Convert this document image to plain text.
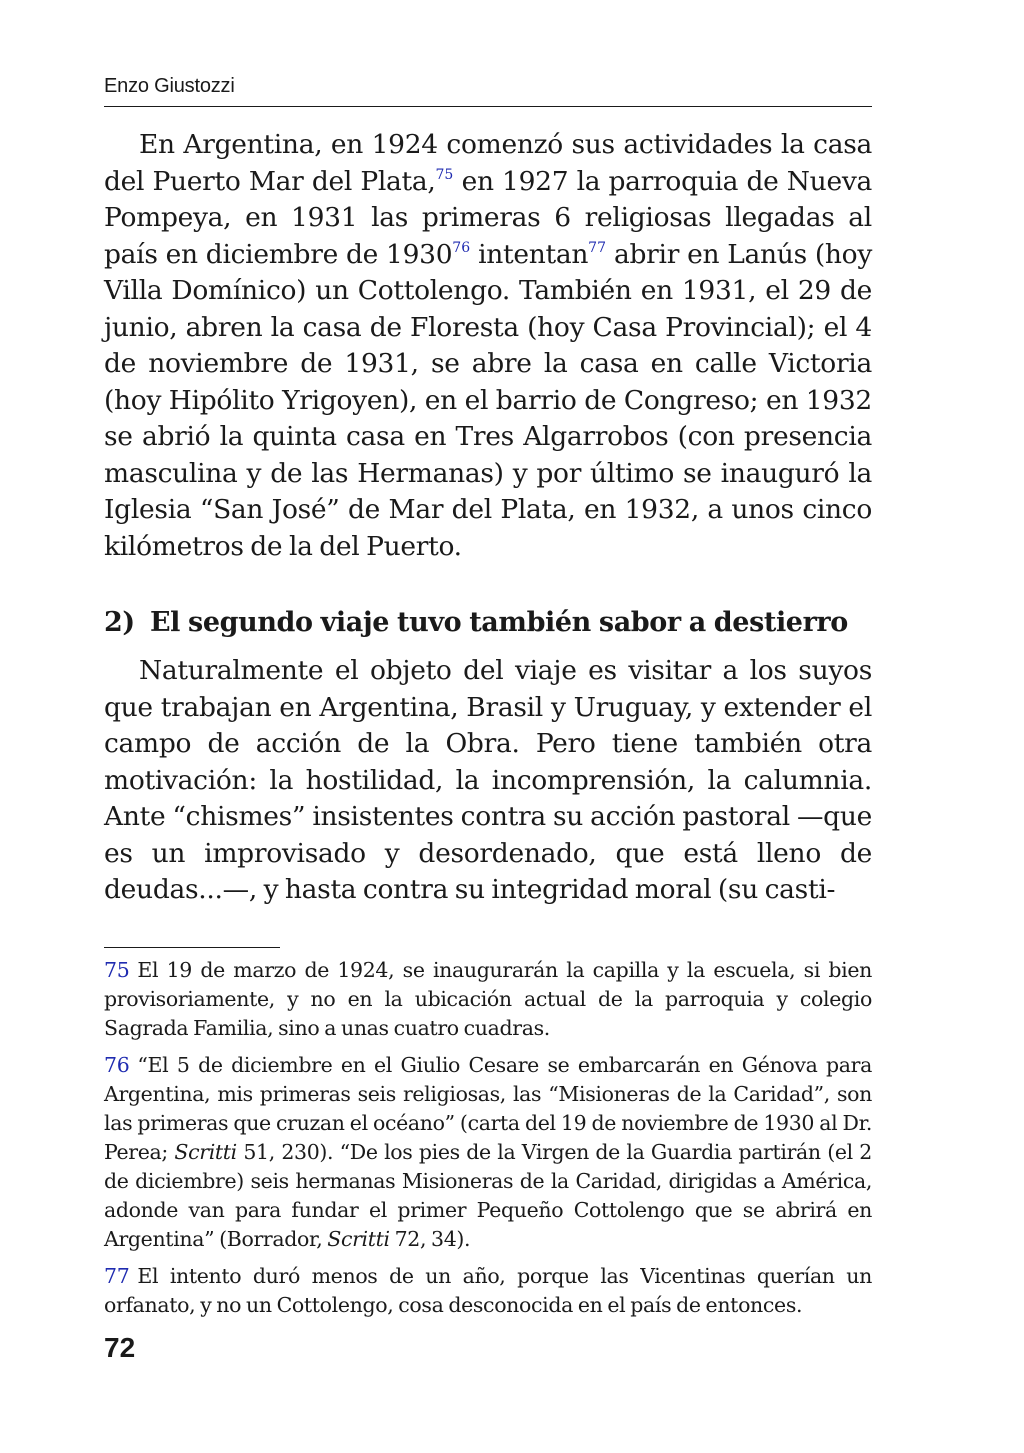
Enzo Giustozzi

En Argentina, en 1924 comenzó sus actividades la casa del Puerto Mar del Plata,$^{75}$ en 1927 la parroquia de Nueva Pompeya, en 1931 las primeras 6 religiosas llegadas al país en diciembre de 1930$^{76}$ intentan$^{77}$ abrir en Lanús (hoy Villa Domínico) un Cottolengo. También en 1931, el 29 de junio, abren la casa de Floresta (hoy Casa Provincial); el 4 de noviembre de 1931, se abre la casa en calle Victoria (hoy Hipólito Yrigoyen), en el barrio de Congreso; en 1932 se abrió la quinta casa en Tres Algarrobos (con presencia masculina y de las Hermanas) y por último se inauguró la Iglesia “San José” de Mar del Plata, en 1932, a unos cinco kilómetros de la del Puerto.

2) El segundo viaje tuvo también sabor a destierro

Naturalmente el objeto del viaje es visitar a los suyos que trabajan en Argentina, Brasil y Uruguay, y extender el campo de acción de la Obra. Pero tiene también otra motivación: la hostilidad, la incomprensión, la calumnia. Ante “chismes” insistentes contra su acción pastoral —que es un improvisado y desordenado, que está lleno de deudas...—, y hasta contra su integridad moral (su casti-

75 El 19 de marzo de 1924, se inaugurarán la capilla y la escuela, si bien provisoriamente, y no en la ubicación actual de la parroquia y colegio Sagrada Familia, sino a unas cuatro cuadras.

76 “El 5 de diciembre en el Giulio Cesare se embarcarán en Génova para Argentina, mis primeras seis religiosas, las “Misioneras de la Caridad”, son las primeras que cruzan el océano” (carta del 19 de noviembre de 1930 al Dr. Perea; Scritti 51, 230). “De los pies de la Virgen de la Guardia partirán (el 2 de diciembre) seis hermanas Misioneras de la Caridad, dirigidas a América, adonde van para fundar el primer Pequeño Cottolengo que se abrirá en Argentina” (Borrador, Scritti 72, 34).

77 El intento duró menos de un año, porque las Vicentinas querían un orfanato, y no un Cottolengo, cosa desconocida en el país de entonces.

72
